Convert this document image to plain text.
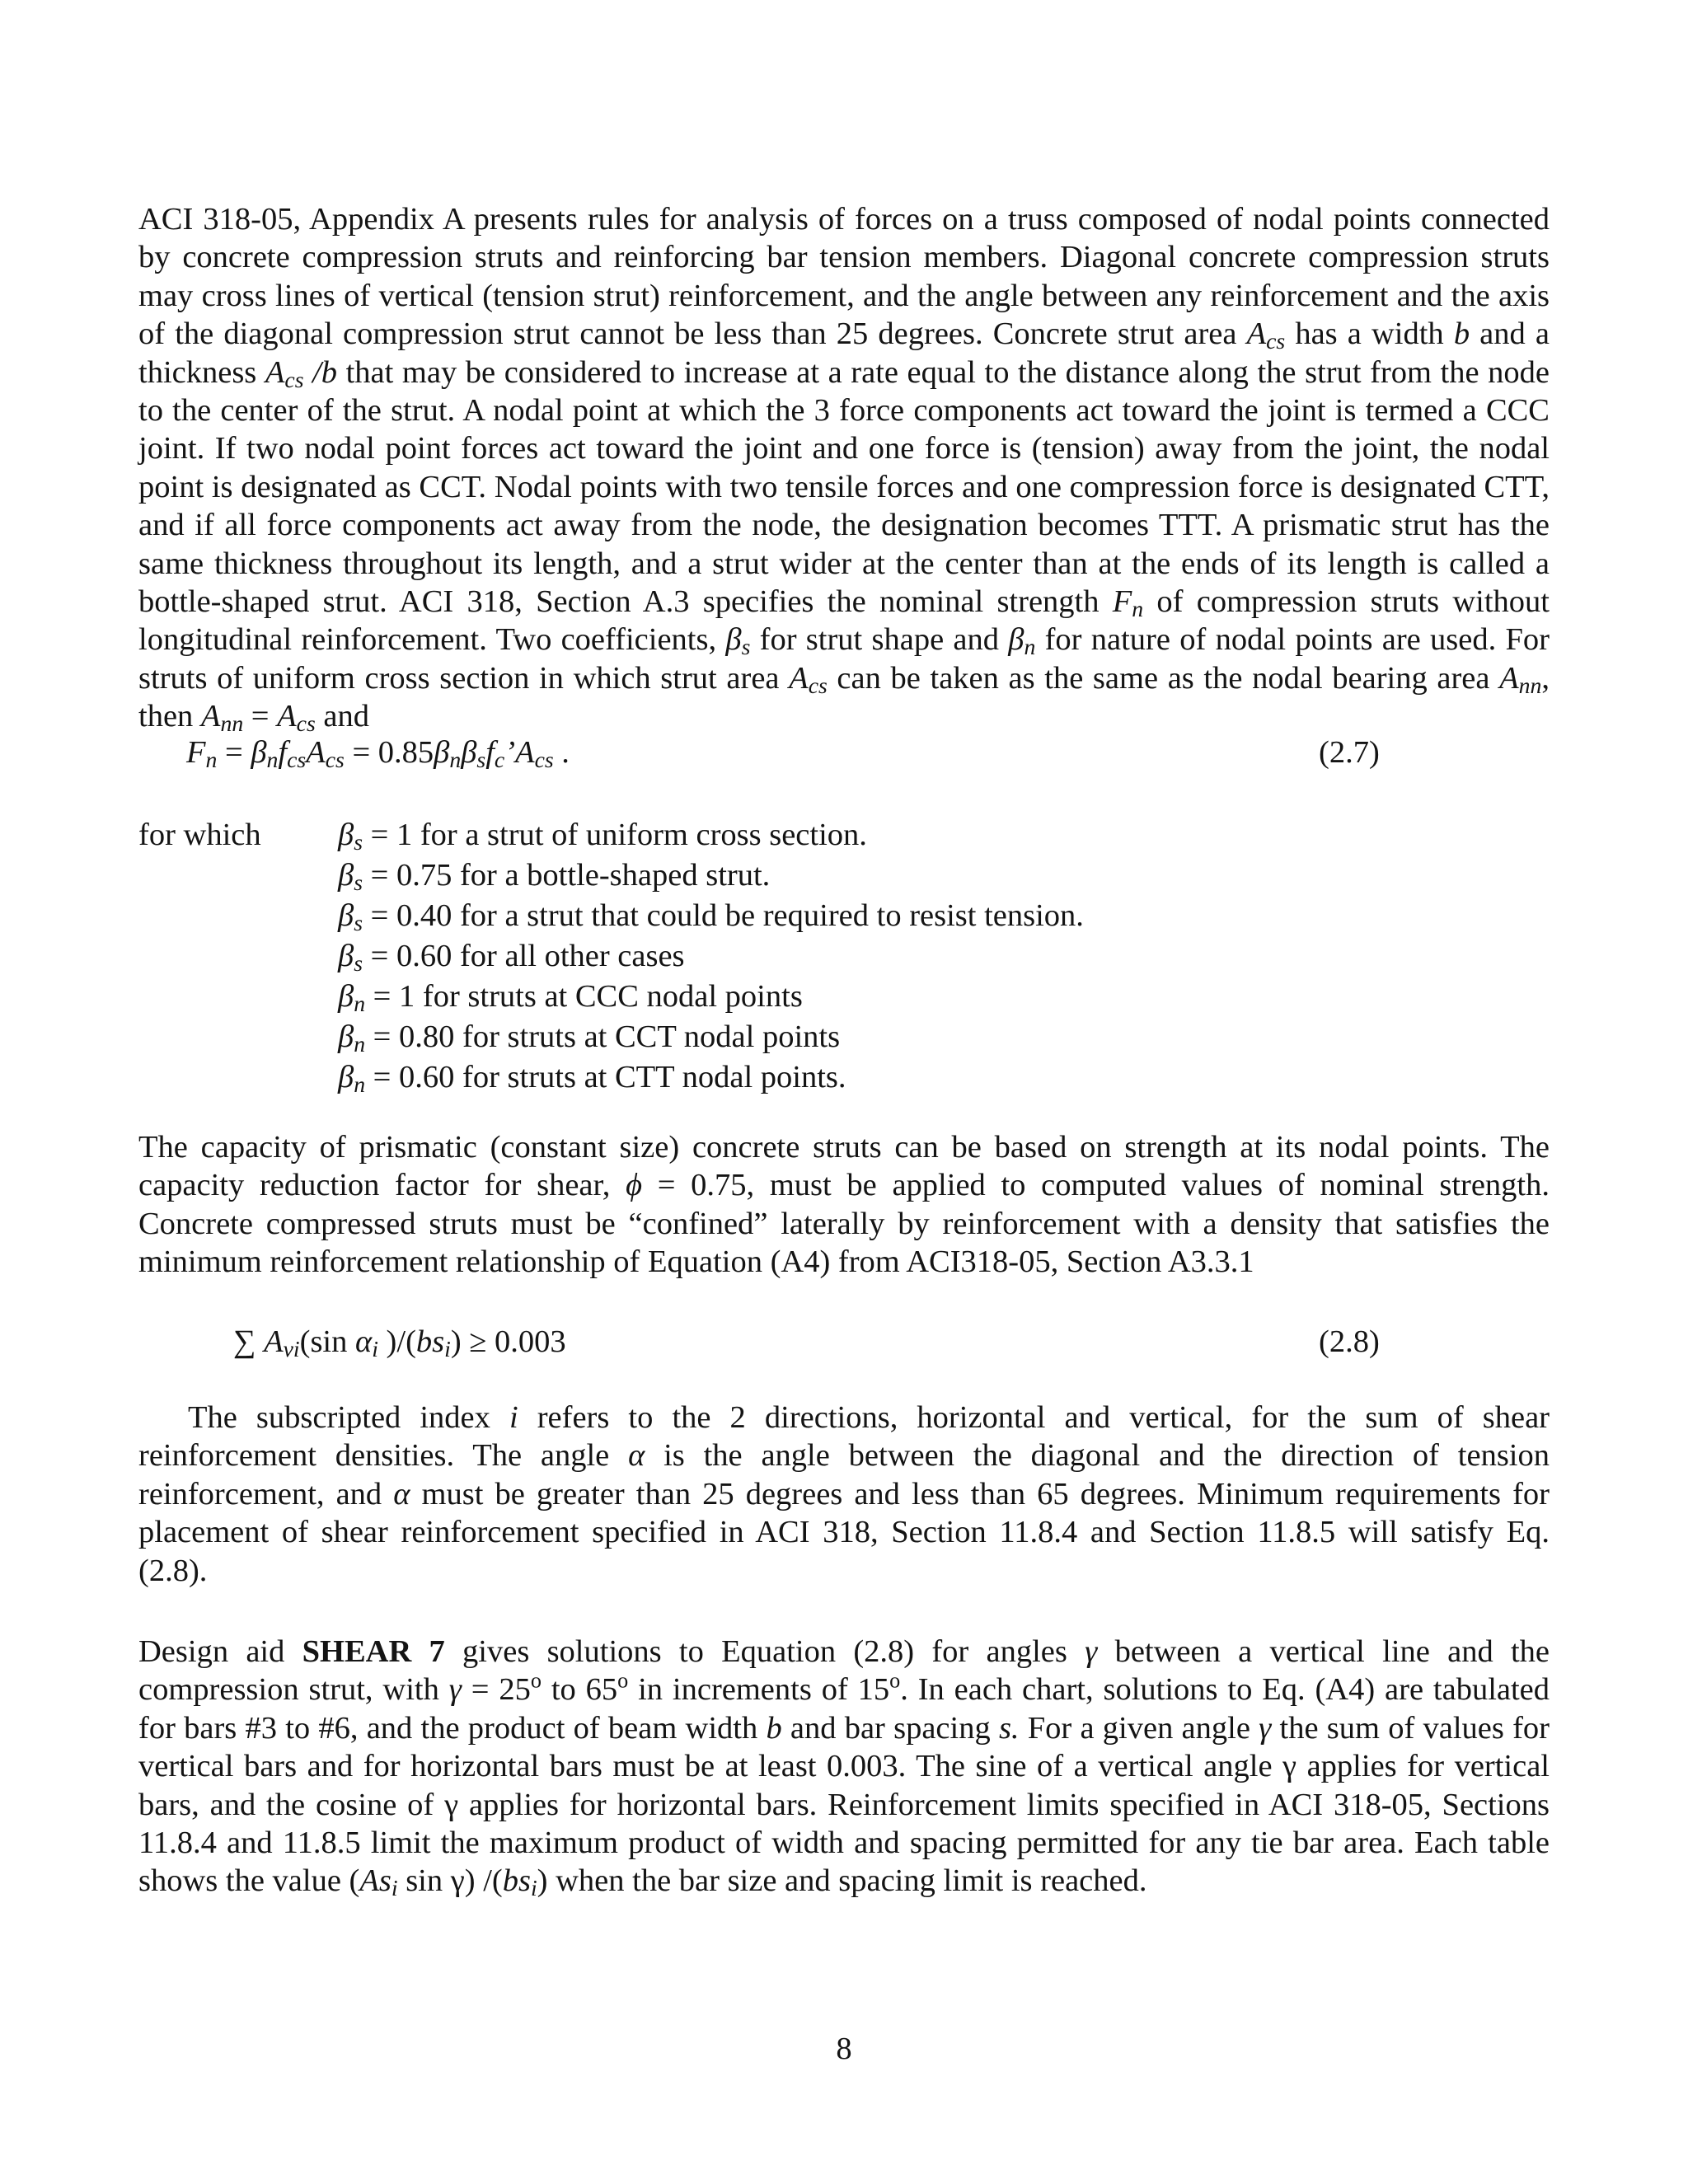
ACI 318-05, Appendix A presents rules for analysis of forces on a truss composed of nodal points connected by concrete compression struts and reinforcing bar tension members. Diagonal concrete compression struts may cross lines of vertical (tension strut) reinforcement, and the angle between any reinforcement and the axis of the diagonal compression strut cannot be less than 25 degrees. Concrete strut area $A_{cs}$ has a width b and a thickness $A_{cs}$ /b that may be considered to increase at a rate equal to the distance along the strut from the node to the center of the strut. A nodal point at which the 3 force components act toward the joint is termed a CCC joint. If two nodal point forces act toward the joint and one force is (tension) away from the joint, the nodal point is designated as CCT. Nodal points with two tensile forces and one compression force is designated CTT, and if all force components act away from the node, the designation becomes TTT. A prismatic strut has the same thickness throughout its length, and a strut wider at the center than at the ends of its length is called a bottle-shaped strut. ACI 318, Section A.3 specifies the nominal strength $F_n$ of compression struts without longitudinal reinforcement. Two coefficients, $\beta_s$ for strut shape and $\beta_n$ for nature of nodal points are used. For struts of uniform cross section in which strut area $A_{cs}$ can be taken as the same as the nodal bearing area $A_{nn}$, then $A_{nn} = A_{cs}$ and

$F_n = \beta_nf_{cs}A_{cs}$ = $0.85\beta_n\beta_sf_c’A_{cs}$ .	(2.7)
for which $\beta_s = 1$ for a strut of uniform cross section.
$\beta_s = 0.75$ for a bottle-shaped strut.
$\beta_s = 0.40$ for a strut that could be required to resist tension.
$\beta_s = 0.60$ for all other cases
$\beta_n = 1$ for struts at CCC nodal points
$\beta_n = 0.80$ for struts at CCT nodal points
$\beta_n = 0.60$ for struts at CTT nodal points.

The capacity of prismatic (constant size) concrete struts can be based on strength at its nodal points. The capacity reduction factor for shear, ϕ = 0.75, must be applied to computed values of nominal strength. Concrete compressed struts must be “confined” laterally by reinforcement with a density that satisfies the minimum reinforcement relationship of Equation (A4) from ACI318-05, Section A3.3.1

∑ $A_{vi}(\sin$ $\alpha_i$ )$/(bs_i) \ge 0.003$	(2.8)

The subscripted index i refers to the 2 directions, horizontal and vertical, for the sum of shear reinforcement densities. The angle α is the angle between the diagonal and the direction of tension reinforcement, and α must be greater than 25 degrees and less than 65 degrees. Minimum requirements for placement of shear reinforcement specified in ACI 318, Section 11.8.4 and Section 11.8.5 will satisfy Eq. (2.8).

Design aid SHEAR 7 gives solutions to Equation (2.8) for angles γ between a vertical line and the compression strut, with $\gamma = 25^o$ to 65$^o$ in increments of 15$^o$. In each chart, solutions to Eq. (A4) are tabulated for bars #3 to #6, and the product of beam width b and bar spacing s. For a given angle γ the sum of values for vertical bars and for horizontal bars must be at least 0.003. The sine of a vertical angle γ applies for vertical bars, and the cosine of γ applies for horizontal bars. Reinforcement limits specified in ACI 318-05, Sections 11.8.4 and 11.8.5 limit the maximum product of width and spacing permitted for any tie bar area. Each table shows the value ($As_i$ sin γ) $/(bs_i)$ when the bar size and spacing limit is reached.

8
